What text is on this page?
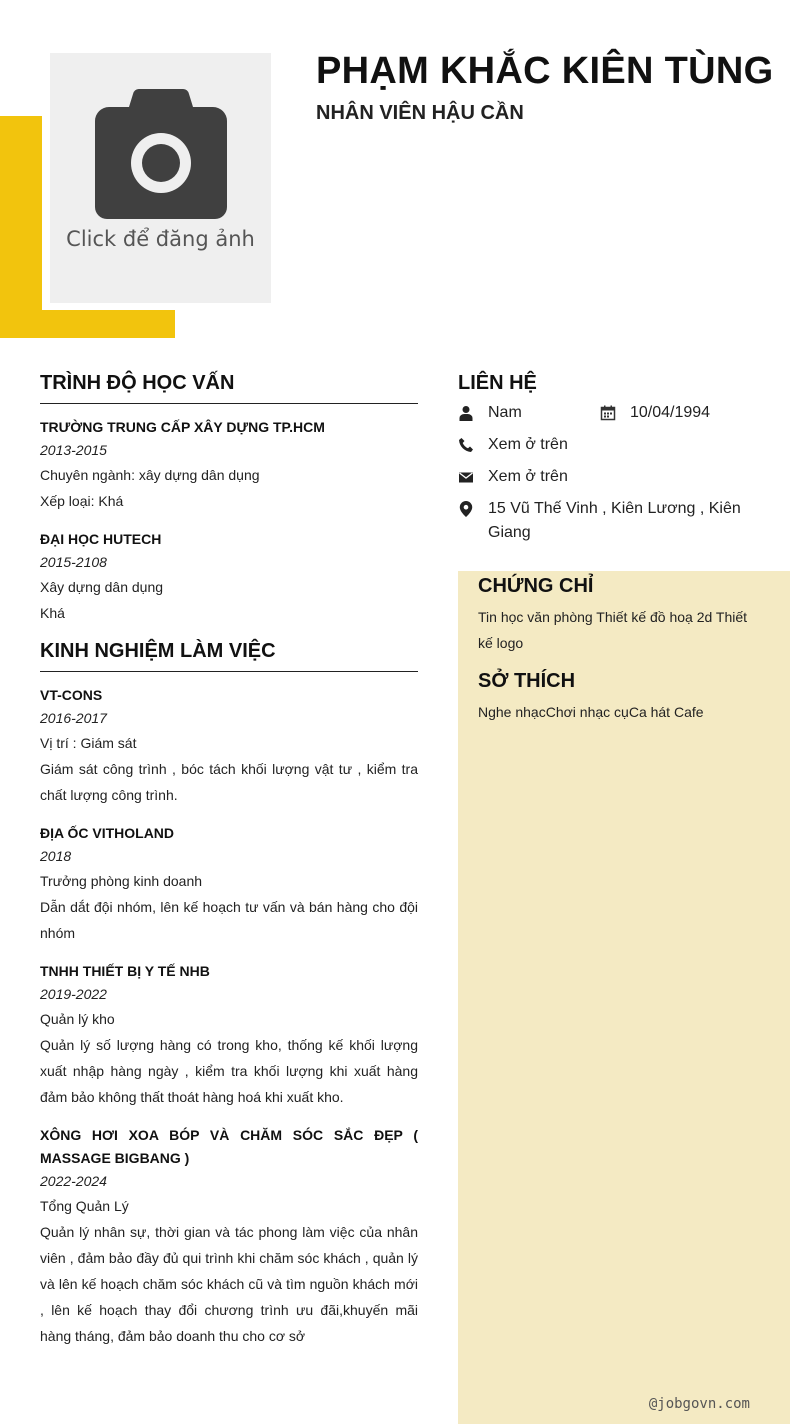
Click để đăng ảnh
PHẠM KHẮC KIÊN TÙNG
NHÂN VIÊN HẬU CẦN
TRÌNH ĐỘ HỌC VẤN
TRƯỜNG TRUNG CẤP XÂY DỰNG TP.HCM
2013-2015
Chuyên ngành: xây dựng dân dụng
Xếp loại: Khá
ĐẠI HỌC HUTECH
2015-2108
Xây dựng dân dụng
Khá
KINH NGHIỆM LÀM VIỆC
VT-CONS
2016-2017
Vị trí : Giám sát
Giám sát công trình , bóc tách khối lượng vật tư , kiểm tra chất lượng công trình.
ĐỊA ỐC VITHOLAND
2018
Trưởng phòng kinh doanh
Dẫn dắt đội nhóm, lên kế hoạch tư vấn và bán hàng cho đội nhóm
TNHH THIẾT BỊ Y TẾ NHB
2019-2022
Quản lý kho
Quản lý số lượng hàng có trong kho, thống kế khối lượng xuất nhập hàng ngày , kiểm tra khối lượng khi xuất hàng đảm bảo không thất thoát hàng hoá khi xuất kho.
XÔNG HƠI XOA BÓP VÀ CHĂM SÓC SẮC ĐẸP ( MASSAGE BIGBANG )
2022-2024
Tổng Quản Lý
Quản lý nhân sự, thời gian và tác phong làm việc của nhân viên , đảm bảo đầy đủ qui trình khi chăm sóc khách , quản lý và lên kế hoạch chăm sóc khách cũ và tìm nguồn khách mới , lên kế hoạch thay đổi chương trình ưu đãi,khuyến mãi hàng tháng, đảm bảo doanh thu cho cơ sở
CHỨNG CHỈ
Tin học văn phòng Thiết kế đồ hoạ 2d Thiết kế logo
SỞ THÍCH
Nghe nhạcChơi nhạc cụCa hát Cafe
@jobgovn.com
LIÊN HỆ
Nam	10/04/1994
Xem ở trên
Xem ở trên
15 Vũ Thế Vinh , Kiên Lương , Kiên Giang
